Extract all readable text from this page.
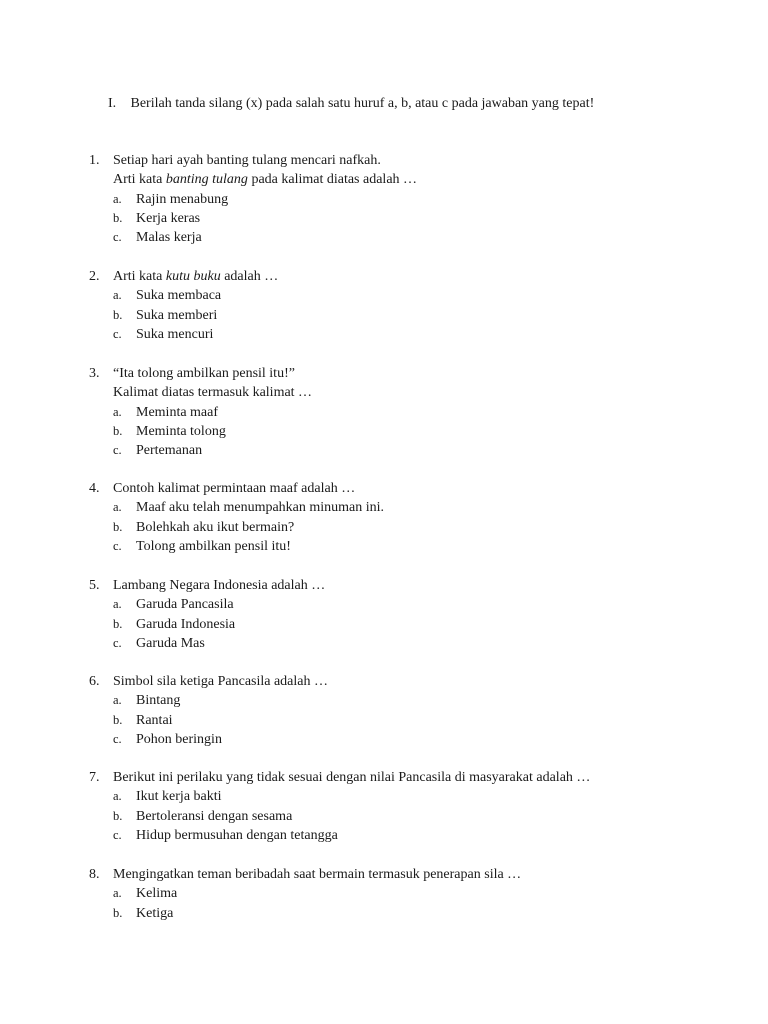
I. Berilah tanda silang (x) pada salah satu huruf a, b, atau c pada jawaban yang tepat!
1. Setiap hari ayah banting tulang mencari nafkah.
Arti kata banting tulang pada kalimat diatas adalah …
a. Rajin menabung
b. Kerja keras
c. Malas kerja
2. Arti kata kutu buku adalah …
a. Suka membaca
b. Suka memberi
c. Suka mencuri
3. “Ita tolong ambilkan pensil itu!”
Kalimat diatas termasuk kalimat …
a. Meminta maaf
b. Meminta tolong
c. Pertemanan
4. Contoh kalimat permintaan maaf adalah …
a. Maaf aku telah menumpahkan minuman ini.
b. Bolehkah aku ikut bermain?
c. Tolong ambilkan pensil itu!
5. Lambang Negara Indonesia adalah …
a. Garuda Pancasila
b. Garuda Indonesia
c. Garuda Mas
6. Simbol sila ketiga Pancasila adalah …
a. Bintang
b. Rantai
c. Pohon beringin
7. Berikut ini perilaku yang tidak sesuai dengan nilai Pancasila di masyarakat adalah …
a. Ikut kerja bakti
b. Bertoleransi dengan sesama
c. Hidup bermusuhan dengan tetangga
8. Mengingatkan teman beribadah saat bermain termasuk penerapan sila …
a. Kelima
b. Ketiga
